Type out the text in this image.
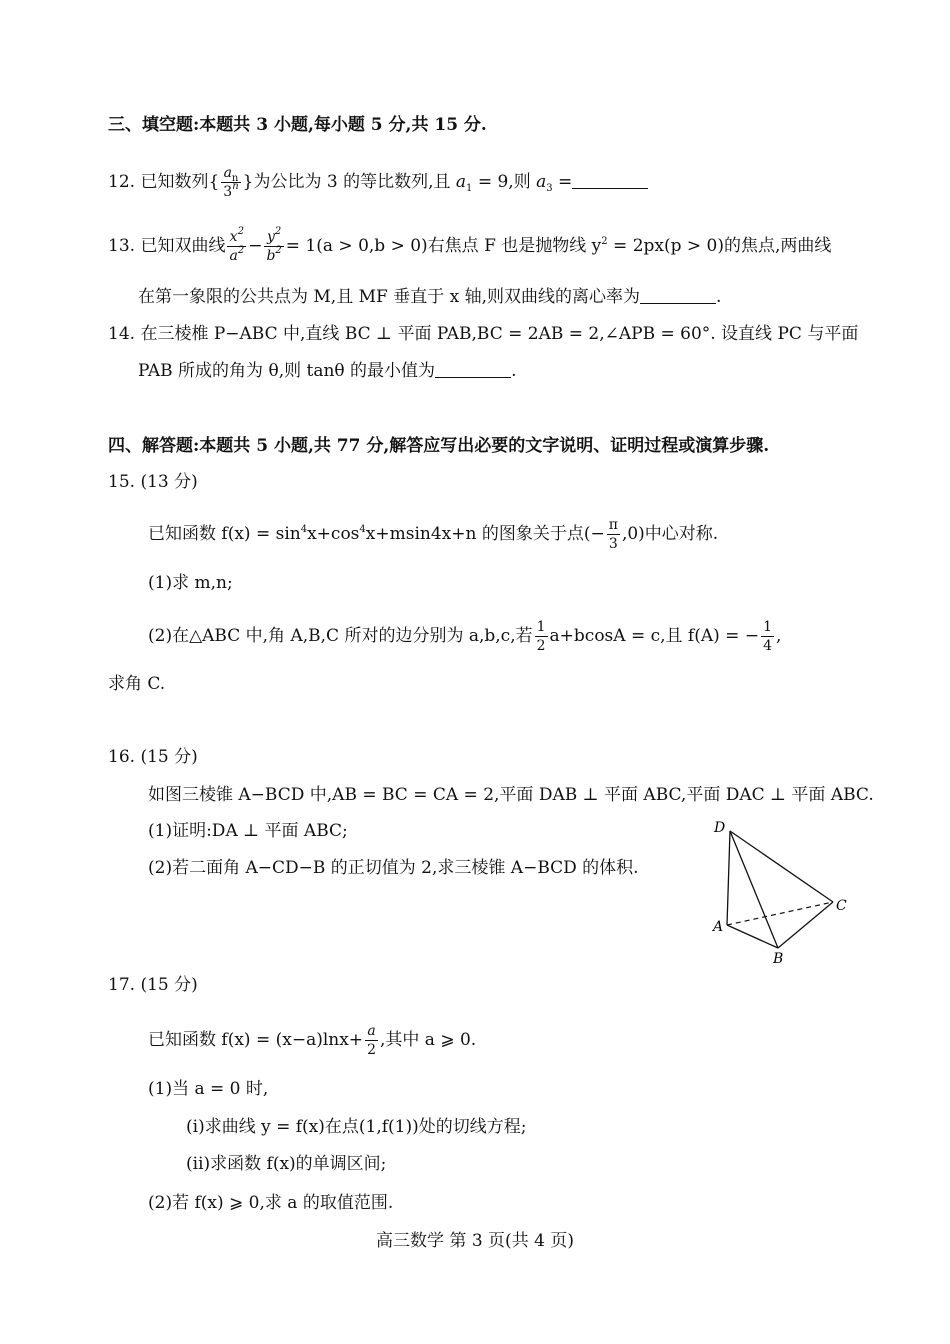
三、填空题:本题共 3 小题,每小题 5 分,共 15 分.
12. 已知数列{ $\frac{a_n}{3^n}$ }为公比为 3 的等比数列,且 $a_1 = 9$,则 $a_3$ =
13. 已知双曲线 $\frac{x^2}{a^2} - \frac{y^2}{b^2} = 1(a > 0,b > 0)$右焦点 F 也是抛物线 $y^2 = 2px(p > 0)$的焦点,两曲线
在第一象限的公共点为 M,且 MF 垂直于 x 轴,则双曲线的离心率为	.
14. 在三棱椎 P−ABC 中,直线 BC ⊥ 平面 PAB,BC = 2AB = 2,∠APB = 60°. 设直线 PC 与平面
PAB 所成的角为 θ,则 tanθ 的最小值为	.
四、解答题:本题共 5 小题,共 77 分,解答应写出必要的文字说明、证明过程或演算步骤.
15. (13 分)
已知函数 $f(x) = \sin^4x+\cos^4x+msin4x+n$ 的图象关于点(− $\frac{\pi}{3} ,0$)中心对称.
(1)求 m,n;
(2)在△ABC 中,角 A,B,C 所对的边分别为 a,b,c,若 $\frac{1}{2} a+bcosA = c$,且 f(A) = − $\frac{1}{4}$ ,
求角 C.
16. (15 分)
如图三棱锥 A−BCD 中,AB = BC = CA = 2,平面 DAB ⊥ 平面 ABC,平面 DAC ⊥ 平面 ABC.
(1)证明:DA ⊥ 平面 ABC;
(2)若二面角 A−CD−B 的正切值为 2,求三棱锥 A−BCD 的体积.
D
A
B
C
17. (15 分)
已知函数 $f(x) = (x-a)\ln x+ \frac{a}{2}$ ,其中 a ⩾ 0.
(1)当 a = 0 时,
(ⅰ)求曲线 y = f(x)在点(1,f(1))处的切线方程;
(ⅱ)求函数 f(x)的单调区间;
(2)若 f(x) ⩾ 0,求 a 的取值范围.
高三数学 第 3 页(共 4 页)
